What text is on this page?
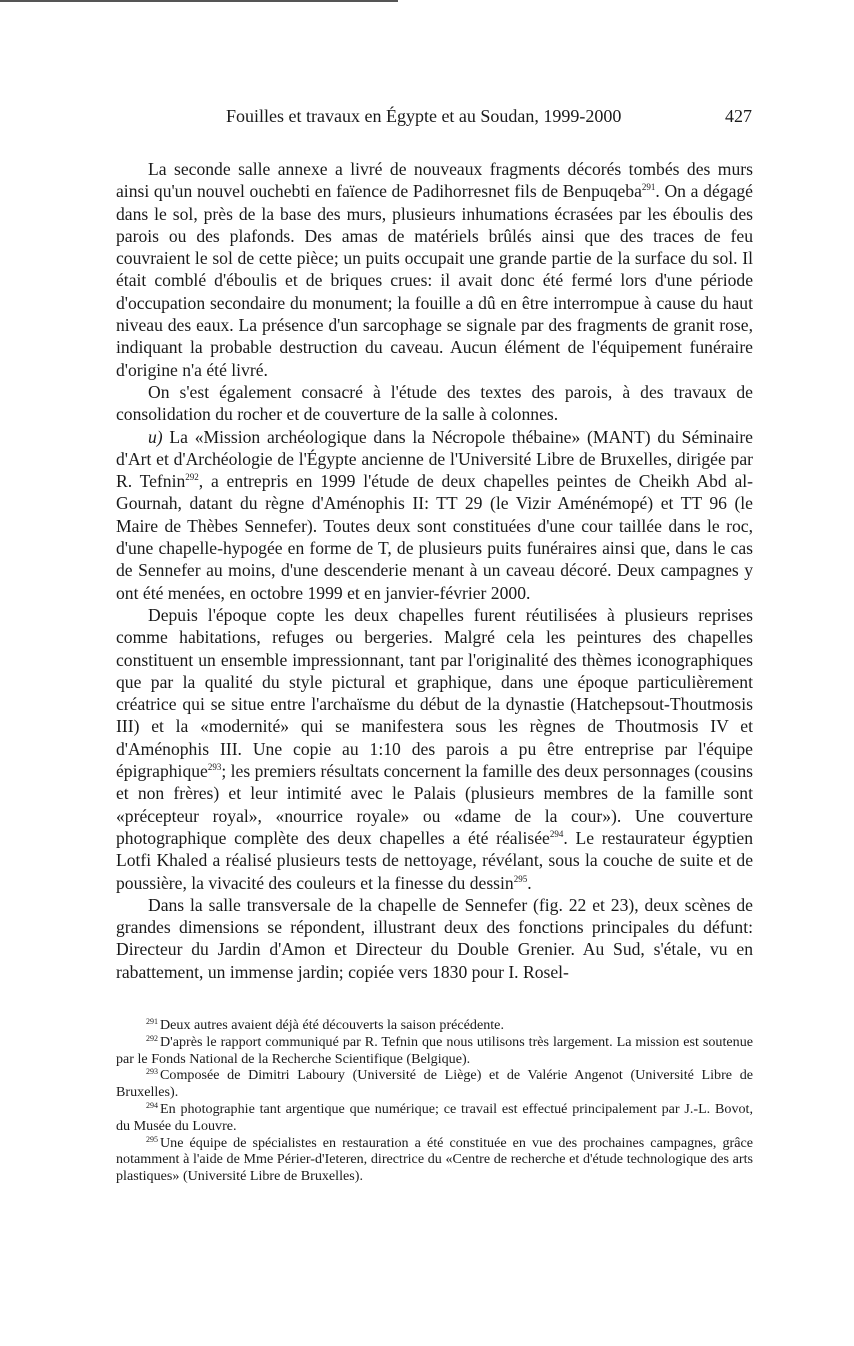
Fouilles et travaux en Égypte et au Soudan, 1999-2000	427

La seconde salle annexe a livré de nouveaux fragments décorés tombés des murs ainsi qu'un nouvel ouchebti en faïence de Padihorresnet fils de Benpuqeba$^{291}$. On a dégagé dans le sol, près de la base des murs, plusieurs inhumations écrasées par les éboulis des parois ou des plafonds. Des amas de matériels brûlés ainsi que des traces de feu couvraient le sol de cette pièce; un puits occupait une grande partie de la surface du sol. Il était comblé d'éboulis et de briques crues: il avait donc été fermé lors d'une période d'occupation secondaire du monument; la fouille a dû en être interrompue à cause du haut niveau des eaux. La présence d'un sarcophage se signale par des fragments de granit rose, indiquant la probable destruction du caveau. Aucun élément de l'équipement funéraire d'origine n'a été livré.

On s'est également consacré à l'étude des textes des parois, à des travaux de consolidation du rocher et de couverture de la salle à colonnes.

u) La «Mission archéologique dans la Nécropole thébaine» (MANT) du Séminaire d'Art et d'Archéologie de l'Égypte ancienne de l'Université Libre de Bruxelles, dirigée par R. Tefnin$^{292}$, a entrepris en 1999 l'étude de deux chapelles peintes de Cheikh Abd al-Gournah, datant du règne d'Aménophis II: TT 29 (le Vizir Aménémopé) et TT 96 (le Maire de Thèbes Sennefer). Toutes deux sont constituées d'une cour taillée dans le roc, d'une chapelle-hypogée en forme de T, de plusieurs puits funéraires ainsi que, dans le cas de Sennefer au moins, d'une descenderie menant à un caveau décoré. Deux campagnes y ont été menées, en octobre 1999 et en janvier-février 2000.

Depuis l'époque copte les deux chapelles furent réutilisées à plusieurs reprises comme habitations, refuges ou bergeries. Malgré cela les peintures des chapelles constituent un ensemble impressionnant, tant par l'originalité des thèmes iconographiques que par la qualité du style pictural et graphique, dans une époque particulièrement créatrice qui se situe entre l'archaïsme du début de la dynastie (Hatchepsout-Thoutmosis III) et la «modernité» qui se manifestera sous les règnes de Thoutmosis IV et d'Aménophis III. Une copie au 1:10 des parois a pu être entreprise par l'équipe épigraphique$^{293}$; les premiers résultats concernent la famille des deux personnages (cousins et non frères) et leur intimité avec le Palais (plusieurs membres de la famille sont «précepteur royal», «nourrice royale» ou «dame de la cour»). Une couverture photographique complète des deux chapelles a été réalisée$^{294}$. Le restaurateur égyptien Lotfi Khaled a réalisé plusieurs tests de nettoyage, révélant, sous la couche de suite et de poussière, la vivacité des couleurs et la finesse du dessin$^{295}$.

Dans la salle transversale de la chapelle de Sennefer (fig. 22 et 23), deux scènes de grandes dimensions se répondent, illustrant deux des fonctions principales du défunt: Directeur du Jardin d'Amon et Directeur du Double Grenier. Au Sud, s'étale, vu en rabattement, un immense jardin; copiée vers 1830 pour I. Rosel-

$^{291}$ Deux autres avaient déjà été découverts la saison précédente.

$^{292}$ D'après le rapport communiqué par R. Tefnin que nous utilisons très largement. La mission est soutenue par le Fonds National de la Recherche Scientifique (Belgique).

$^{293}$ Composée de Dimitri Laboury (Université de Liège) et de Valérie Angenot (Université Libre de Bruxelles).

$^{294}$ En photographie tant argentique que numérique; ce travail est effectué principalement par J.-L. Bovot, du Musée du Louvre.

$^{295}$ Une équipe de spécialistes en restauration a été constituée en vue des prochaines campagnes, grâce notamment à l'aide de Mme Périer-d'Ieteren, directrice du «Centre de recherche et d'étude technologique des arts plastiques» (Université Libre de Bruxelles).
